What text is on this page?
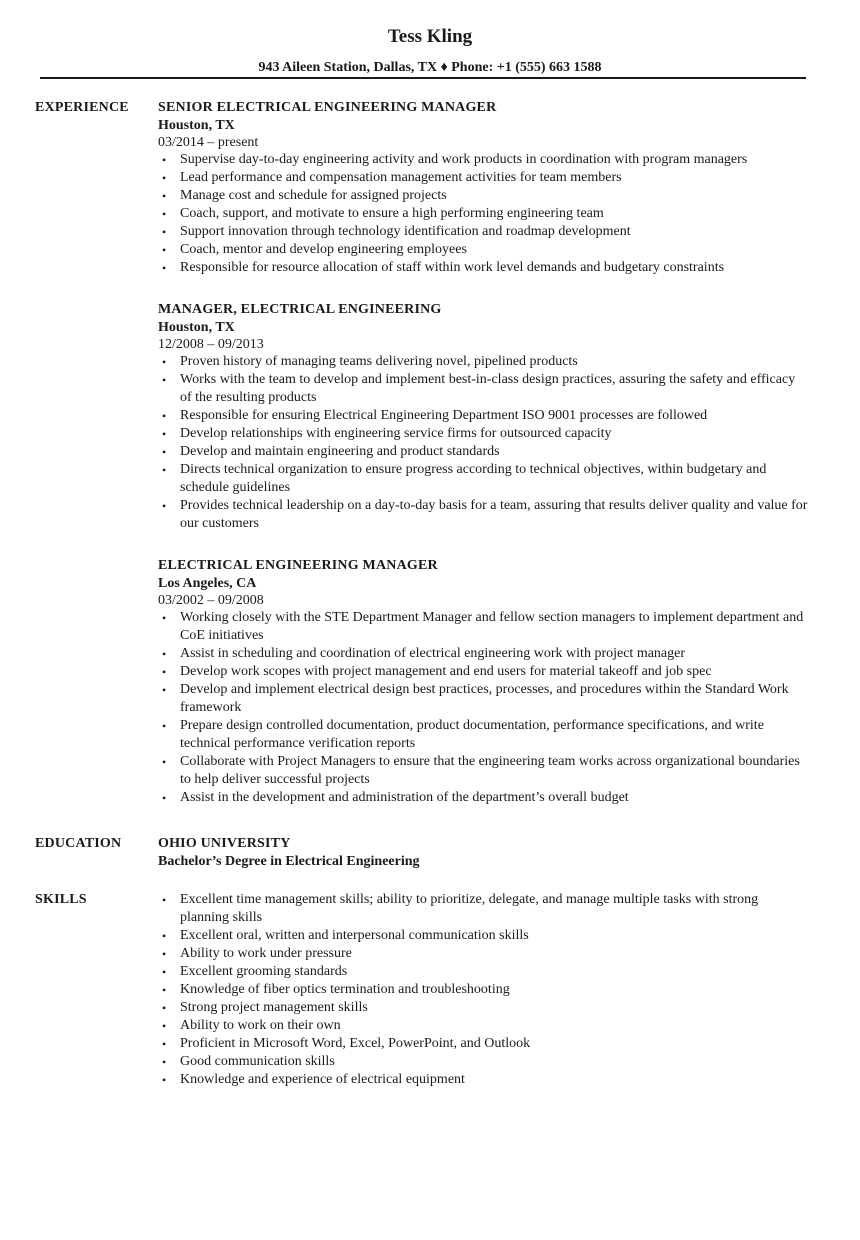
Tess Kling
943 Aileen Station, Dallas, TX ♦ Phone: +1 (555) 663 1588
EXPERIENCE SENIOR ELECTRICAL ENGINEERING MANAGER
Houston, TX
03/2014 – present
• Supervise day-to-day engineering activity and work products in coordination with program managers
• Lead performance and compensation management activities for team members
• Manage cost and schedule for assigned projects
• Coach, support, and motivate to ensure a high performing engineering team
• Support innovation through technology identification and roadmap development
• Coach, mentor and develop engineering employees
• Responsible for resource allocation of staff within work level demands and budgetary constraints
MANAGER, ELECTRICAL ENGINEERING
Houston, TX
12/2008 – 09/2013
• Proven history of managing teams delivering novel, pipelined products
• Works with the team to develop and implement best-in-class design practices, assuring the safety and efficacy of the resulting products
• Responsible for ensuring Electrical Engineering Department ISO 9001 processes are followed
• Develop relationships with engineering service firms for outsourced capacity
• Develop and maintain engineering and product standards
• Directs technical organization to ensure progress according to technical objectives, within budgetary and schedule guidelines
• Provides technical leadership on a day-to-day basis for a team, assuring that results deliver quality and value for our customers
ELECTRICAL ENGINEERING MANAGER
Los Angeles, CA
03/2002 – 09/2008
• Working closely with the STE Department Manager and fellow section managers to implement department and CoE initiatives
• Assist in scheduling and coordination of electrical engineering work with project manager
• Develop work scopes with project management and end users for material takeoff and job spec
• Develop and implement electrical design best practices, processes, and procedures within the Standard Work framework
• Prepare design controlled documentation, product documentation, performance specifications, and write technical performance verification reports
• Collaborate with Project Managers to ensure that the engineering team works across organizational boundaries to help deliver successful projects
• Assist in the development and administration of the department’s overall budget
EDUCATION	OHIO UNIVERSITY
Bachelor’s Degree in Electrical Engineering
SKILLS	• Excellent time management skills; ability to prioritize, delegate, and manage multiple tasks with strong planning skills
• Excellent oral, written and interpersonal communication skills
• Ability to work under pressure
• Excellent grooming standards
• Knowledge of fiber optics termination and troubleshooting
• Strong project management skills
• Ability to work on their own
• Proficient in Microsoft Word, Excel, PowerPoint, and Outlook
• Good communication skills
• Knowledge and experience of electrical equipment
